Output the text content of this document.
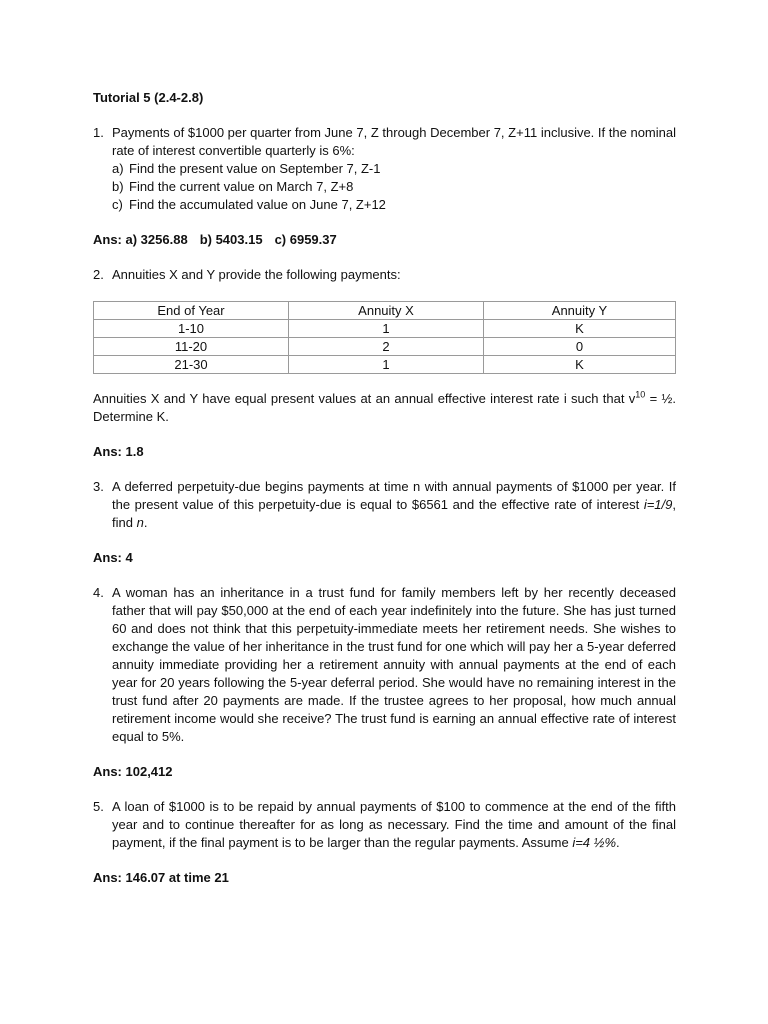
Tutorial 5 (2.4-2.8)
1. Payments of $1000 per quarter from June 7, Z through December 7, Z+11 inclusive. If the nominal rate of interest convertible quarterly is 6%:
a) Find the present value on September 7, Z-1
b) Find the current value on March 7, Z+8
c) Find the accumulated value on June 7, Z+12
Ans: a) 3256.88 b) 5403.15 c) 6959.37
2. Annuities X and Y provide the following payments:
End of Year	Annuity X	Annuity Y
1-10	1	K
11-20	2	0
21-30	1	K
Annuities X and Y have equal present values at an annual effective interest rate i such that $v^{10}$ = ½. Determine K.
Ans: 1.8
3. A deferred perpetuity-due begins payments at time n with annual payments of $1000 per year. If the present value of this perpetuity-due is equal to $6561 and the effective rate of interest i=1/9, find n.
Ans: 4
4. A woman has an inheritance in a trust fund for family members left by her recently deceased father that will pay $50,000 at the end of each year indefinitely into the future. She has just turned 60 and does not think that this perpetuity-immediate meets her retirement needs. She wishes to exchange the value of her inheritance in the trust fund for one which will pay her a 5-year deferred annuity immediate providing her a retirement annuity with annual payments at the end of each year for 20 years following the 5-year deferral period. She would have no remaining interest in the trust fund after 20 payments are made. If the trustee agrees to her proposal, how much annual retirement income would she receive? The trust fund is earning an annual effective rate of interest equal to 5%.
Ans: 102,412
5. A loan of $1000 is to be repaid by annual payments of $100 to commence at the end of the fifth year and to continue thereafter for as long as necessary. Find the time and amount of the final payment, if the final payment is to be larger than the regular payments. Assume i=4 ½%.
Ans: 146.07 at time 21
